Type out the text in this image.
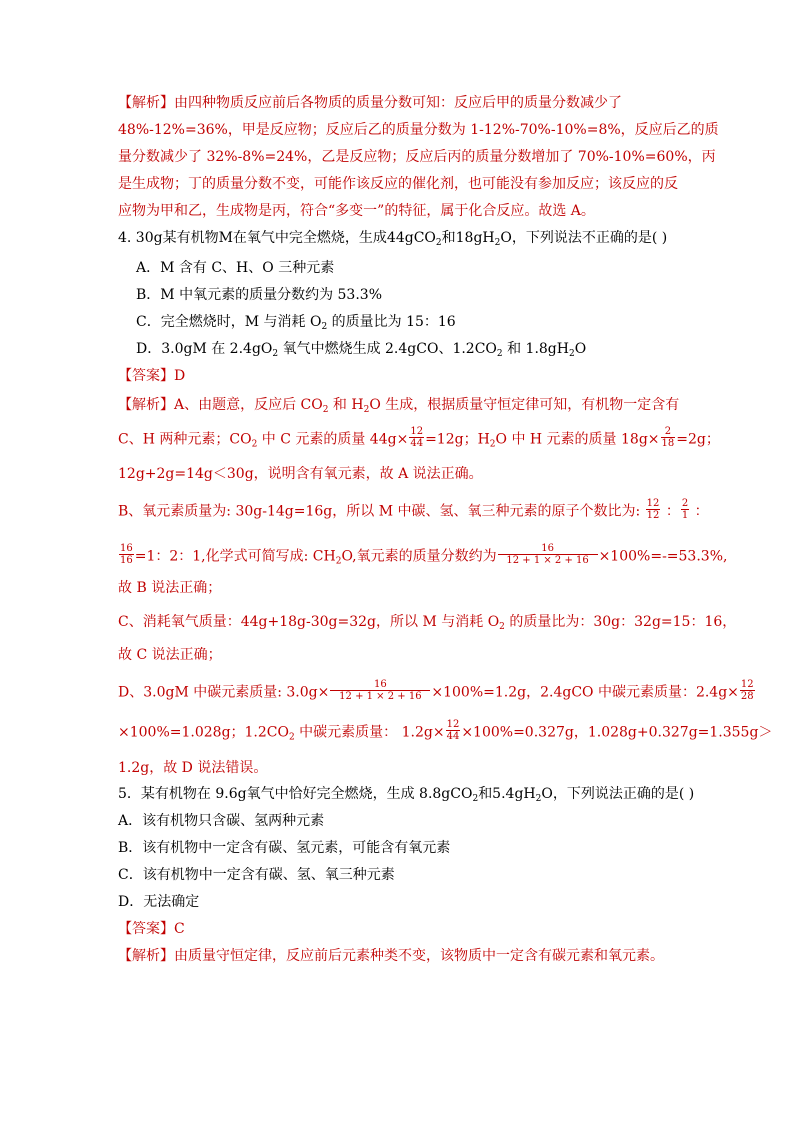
【解析】由四种物质反应前后各物质的质量分数可知：反应后甲的质量分数减少了
48%-12%=36%，甲是反应物；反应后乙的质量分数为 1-12%-70%-10%=8%，反应后乙的质
量分数减少了 32%-8%=24%，乙是反应物；反应后丙的质量分数增加了 70%-10%=60%，丙
是生成物；丁的质量分数不变，可能作该反应的催化剂，也可能没有参加反应；该反应的反
应物为甲和乙，生成物是丙，符合“多变一”的特征，属于化合反应。故选 A。
4. 30g某有机物M在氧气中完全燃烧，生成44gCO$_2$和$18gH_2O$，下列说法不正确的是( )
A．M 含有 C、H、O 三种元素
B．M 中氧元素的质量分数约为 53.3%
C．完全燃烧时，M 与消耗 $O_2$ 的质量比为 15：16
D．3.0gM 在 $2.4gO_2$ 氧气中燃烧生成 2.4gCO、$1.2CO_2$ 和 $1.8gH_2O$
【答案】D
【解析】A、由题意，反应后 $CO_2$ 和 $H_2O$ 生成，根据质量守恒定律可知，有机物一定含有
C、H 两种元素；$CO_2$ 中 C 元素的质量 $44g\times \frac{12}{44} =12g$；$H_2O$ 中 H 元素的质量 $18g\times \frac{2}{18} =2g$；
12g+2g=14g＜30g，说明含有氧元素，故 A 说法正确。
B、氧元素质量为: 30g-14g=16g，所以 M 中碳、氢、氧三种元素的原子个数比为: $\frac{12}{12}$ ： $\frac{2}{1}$ ：
$\frac{16}{16} =1$：2：1,化学式可简写成: $CH_2O$,氧元素的质量分数约为 $\frac{16}{12 + 1 \times 2 + 16} \times 100\%=-=53.3\%$,
故 B 说法正确；
C、消耗氧气质量：44g+18g-30g=32g，所以 M 与消耗 $O_2$ 的质量比为：30g：32g=15：16，
故 C 说法正确；
D、3.0gM 中碳元素质量: $3.0g\times \frac{16}{12 + 1 \times 2 + 16} \times 100\%=1.2g$，2.4gCO 中碳元素质量：$2.4g\times \frac{12}{28}$
×100%=1.028g；$1.2CO_2$ 中碳元素质量： $1.2g\times \frac{12}{44} \times 100\%=0.327g$，1.028g+0.327g=1.355g＞
1.2g，故 D 说法错误。
5．某有机物在 9.6g氧气中恰好完全燃烧，生成 8.8gCO$_2$和$5.4gH_2O$，下列说法正确的是( )
A．该有机物只含碳、氢两种元素
B．该有机物中一定含有碳、氢元素，可能含有氧元素
C．该有机物中一定含有碳、氢、氧三种元素
D．无法确定
【答案】C
【解析】由质量守恒定律，反应前后元素种类不变，该物质中一定含有碳元素和氧元素。
